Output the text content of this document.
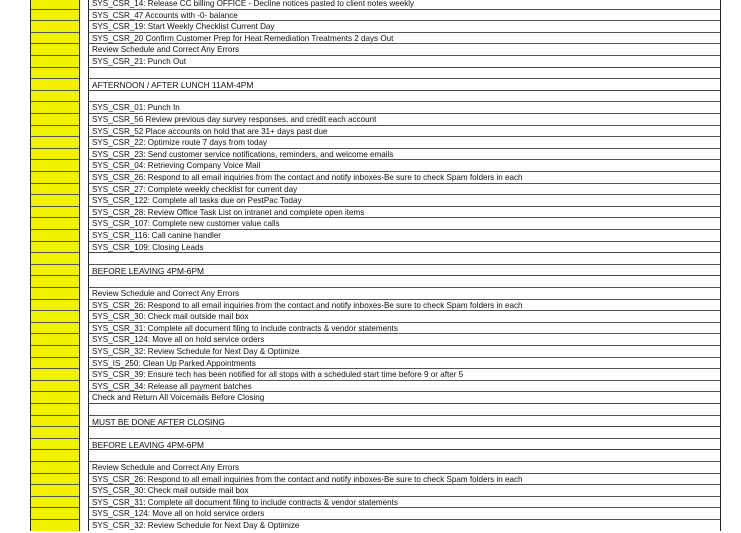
SYS_CSR_14: Release CC billing OFFICE - Decline notices pasted to client notes weekly
SYS_CSR_47 Accounts with -0- balance
SYS_CSR_19: Start Weekly Checklist Current Day
SYS_CSR_20 Confirm Customer Prep for Heat Remediation Treatments 2 days Out
Review Schedule and Correct Any Errors
SYS_CSR_21: Punch Out
AFTERNOON / AFTER LUNCH 11AM-4PM
SYS_CSR_01: Punch In
SYS_CSR_56 Review previous day survey responses, and credit each account
SYS_CSR_52 Place accounts on hold that are 31+ days past due
SYS_CSR_22: Optimize route 7 days from today
SYS_CSR_23: Send customer service notifications, reminders, and welcome emails
SYS_CSR_04: Retrieving Company Voice Mail
SYS_CSR_26: Respond to all email inquiries from the contact and notify inboxes-Be sure to check Spam folders in each
SYS_CSR_27: Complete weekly checklist for current day
SYS_CSR_122: Complete all tasks due on PestPac Today
SYS_CSR_28: Review Office Task List on intranet and complete open items
SYS_CSR_107: Complete new customer value calls
SYS_CSR_116: Call canine handler
SYS_CSR_109: Closing Leads
BEFORE LEAVING 4PM-6PM
Review Schedule and Correct Any Errors
SYS_CSR_26: Respond to all email inquiries from the contact and notify inboxes-Be sure to check Spam folders in each
SYS_CSR_30: Check mail outside mail box
SYS_CSR_31: Complete all document filing to include contracts & vendor statements
SYS_CSR_124: Move all on hold service orders
SYS_CSR_32: Review Schedule for Next Day & Optimize
SYS_IS_250: Clean Up Parked Appointments
SYS_CSR_39: Ensure tech has been notified for all stops with a scheduled start time before 9 or after 5
SYS_CSR_34: Release all payment batches
Check and Return All Voicemails Before Closing
MUST BE DONE AFTER CLOSING
BEFORE LEAVING 4PM-6PM
Review Schedule and Correct Any Errors
SYS_CSR_26: Respond to all email inquiries from the contact and notify inboxes-Be sure to check Spam folders in each
SYS_CSR_30: Check mail outside mail box
SYS_CSR_31: Complete all document filing to include contracts & vendor statements
SYS_CSR_124: Move all on hold service orders
SYS_CSR_32: Review Schedule for Next Day & Optimize
